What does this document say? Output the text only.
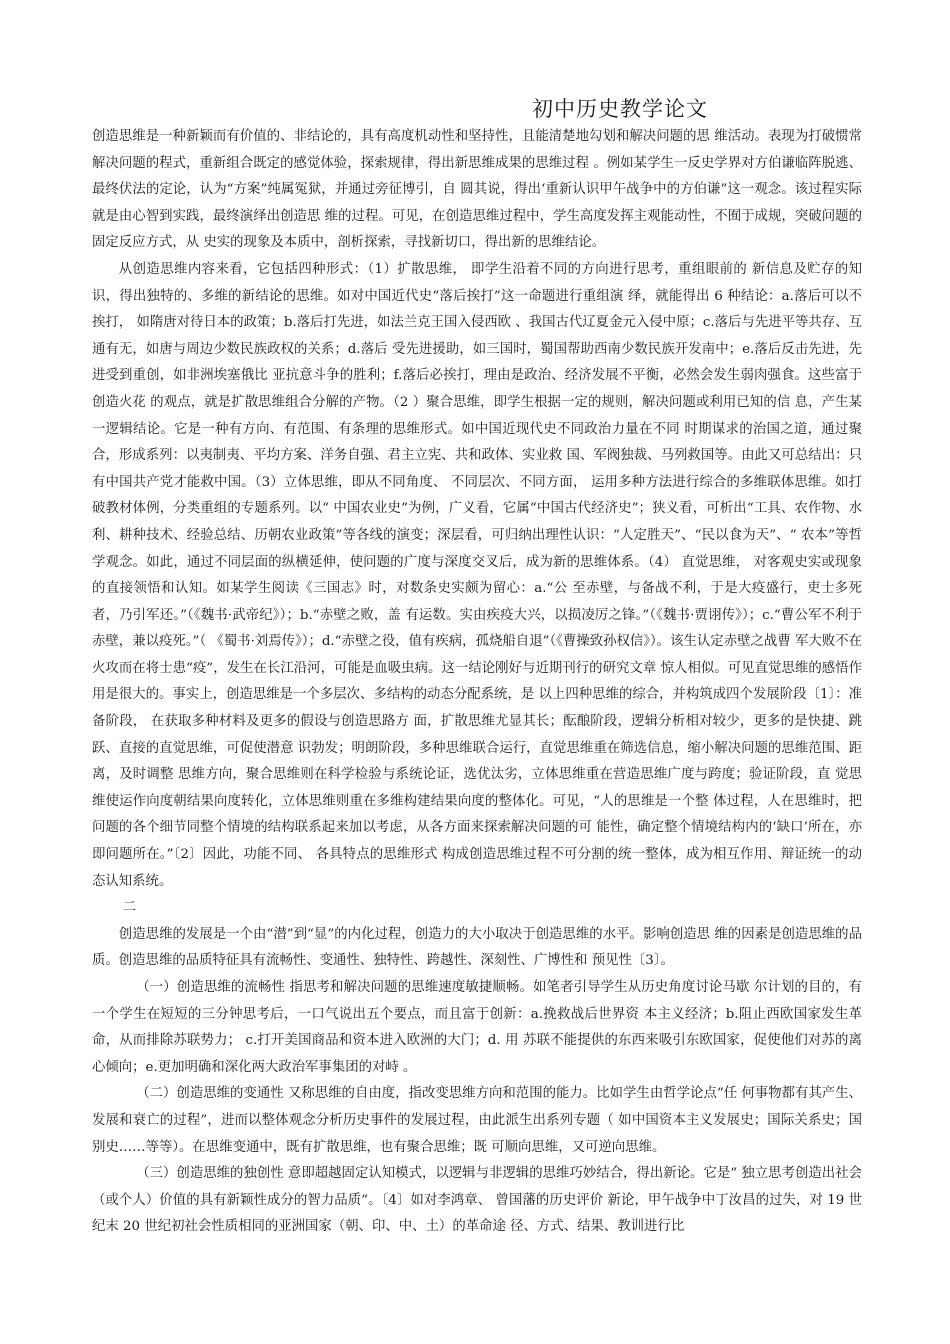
初中历史教学论文

创造思维是一种新颖而有价值的、非结论的，具有高度机动性和坚持性，且能清楚地勾划和解决问题的思 维活动。表现为打破惯常解决问题的程式，重新组合既定的感觉体验，探索规律，得出新思维成果的思维过程 。例如某学生一反史学界对方伯谦临阵脱逃、最终伏法的定论，认为“方案”纯属冤狱，并通过旁征博引，自 圆其说，得出‘重新认识甲午战争中的方伯谦”这一观念。该过程实际就是由心智到实践，最终演绎出创造思 维的过程。可见，在创造思维过程中，学生高度发挥主观能动性，不囿于成规，突破问题的固定反应方式，从 史实的现象及本质中，剖析探索，寻找新切口，得出新的思维结论。

从创造思维内容来看，它包括四种形式：（1）扩散思维， 即学生沿着不同的方向进行思考，重组眼前的 新信息及贮存的知识，得出独特的、多维的新结论的思维。如对中国近代史“落后挨打”这一命题进行重组演 绎，就能得出 6 种结论：a.落后可以不挨打， 如隋唐对待日本的政策；b.落后打先进，如法兰克王国入侵西欧 、我国古代辽夏金元入侵中原；c.落后与先进平等共存、互通有无，如唐与周边少数民族政权的关系；d.落后 受先进援助，如三国时，蜀国帮助西南少数民族开发南中；e.落后反击先进，先进受到重创，如非洲埃塞俄比 亚抗意斗争的胜利；f.落后必挨打，理由是政治、经济发展不平衡，必然会发生弱肉强食。这些富于创造火花 的观点，就是扩散思维组合分解的产物。（2 ）聚合思维，即学生根据一定的规则，解决问题或利用已知的信 息，产生某一逻辑结论。它是一种有方向、有范围、有条理的思维形式。如中国近现代史不同政治力量在不同 时期谋求的治国之道，通过聚合，形成系列：以夷制夷、平均方案、洋务自强、君主立宪、共和政体、实业救 国、军阀独裁、马列救国等。由此又可总结出：只有中国共产党才能救中国。（3）立体思维，即从不同角度、 不同层次、不同方面， 运用多种方法进行综合的多维联体思维。如打破教材体例，分类重组的专题系列。以“ 中国农业史”为例，广义看，它属“中国古代经济史”；狭义看，可析出“工具、农作物、水利、耕种技术、经验总结、历朝农业政策”等各线的演变；深层看，可归纳出理性认识：“人定胜天”、“民以食为天”、“ 农本”等哲学观念。如此，通过不同层面的纵横延伸，使问题的广度与深度交叉后，成为新的思维体系。（4） 直觉思维， 对客观史实或现象的直接领悟和认知。如某学生阅读《三国志》时，对数条史实颇为留心：a.“公 至赤壁，与备战不利，于是大疫盛行，吏士多死者，乃引军还。”（《魏书·武帝纪》）；b.“赤壁之败，盖 有运数。实由疾疫大兴，以损凌厉之锋。”（《魏书·贾诩传》）；c.“曹公军不利于赤壁，兼以疫死。”（ 《蜀书·刘焉传》）；d.“赤壁之役，值有疾病，孤烧船自退”（《曹操致孙权信》）。该生认定赤壁之战曹 军大败不在火攻而在将士患“疫”，发生在长江沿河，可能是血吸虫病。这一结论刚好与近期刊行的研究文章 惊人相似。可见直觉思维的感悟作用是很大的。事实上，创造思维是一个多层次、多结构的动态分配系统，是 以上四种思维的综合，并构筑成四个发展阶段〔1〕：准备阶段， 在获取多种材料及更多的假设与创造思路方 面，扩散思维尤显其长；酝酿阶段，逻辑分析相对较少，更多的是快捷、跳跃、直接的直觉思维，可促使潜意 识勃发；明朗阶段，多种思维联合运行，直觉思维重在筛选信息，缩小解决问题的思维范围、距离，及时调整 思维方向，聚合思维则在科学检验与系统论证，选优汰劣，立体思维重在营造思维广度与跨度；验证阶段，直 觉思维使运作向度朝结果向度转化，立体思维则重在多维构建结果向度的整体化。可见，“人的思维是一个整 体过程，人在思维时，把问题的各个细节同整个情境的结构联系起来加以考虑，从各方面来探索解决问题的可 能性，确定整个情境结构内的‘缺口’所在，亦即问题所在。”〔2〕因此，功能不同、 各具特点的思维形式 构成创造思维过程不可分割的统一整体，成为相互作用、辩证统一的动态认知系统。

二

创造思维的发展是一个由“潜”到“显”的内化过程，创造力的大小取决于创造思维的水平。影响创造思 维的因素是创造思维的品质。创造思维的品质特征具有流畅性、变通性、独特性、跨越性、深刻性、广博性和 预见性〔3〕。

（一）创造思维的流畅性 指思考和解决问题的思维速度敏捷顺畅。如笔者引导学生从历史角度讨论马歇 尔计划的目的，有一个学生在短短的三分钟思考后，一口气说出五个要点，而且富于创新：a.挽救战后世界资 本主义经济；b.阻止西欧国家发生革命，从而排除苏联势力； c.打开美国商品和资本进入欧洲的大门；d. 用 苏联不能提供的东西来吸引东欧国家，促使他们对苏的离心倾向；e.更加明确和深化两大政治军事集团的对峙 。

（二）创造思维的变通性 又称思维的自由度，指改变思维方向和范围的能力。比如学生由哲学论点“任 何事物都有其产生、发展和衰亡的过程”，进而以整体观念分析历史事件的发展过程，由此派生出系列专题（ 如中国资本主义发展史；国际关系史；国别史……等等）。在思维变通中，既有扩散思维，也有聚合思维；既 可顺向思维，又可逆向思维。

（三）创造思维的独创性 意即超越固定认知模式，以逻辑与非逻辑的思维巧妙结合，得出新论。它是“ 独立思考创造出社会（或个人）价值的具有新颖性成分的智力品质”。〔4〕如对李鸿章、 曾国藩的历史评价 新论，甲午战争中丁汝昌的过失，对 19 世纪末 20 世纪初社会性质相同的亚洲国家（朝、印、中、土）的革命途 径、方式、结果、教训进行比
